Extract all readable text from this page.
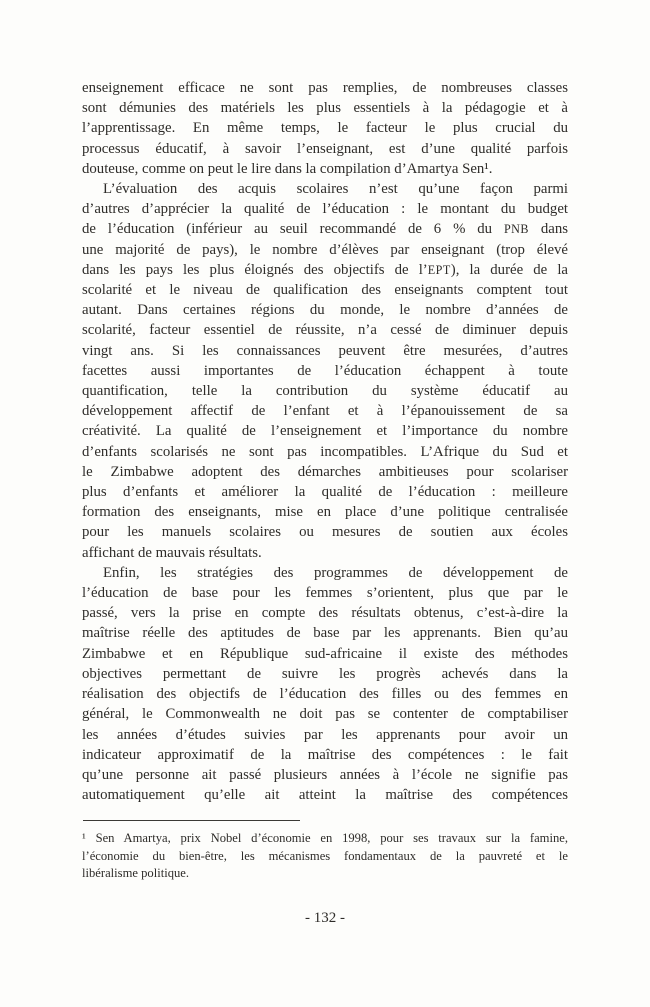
enseignement efficace ne sont pas remplies, de nombreuses classes
sont démunies des matériels les plus essentiels à la pédagogie et à
l’apprentissage. En même temps, le facteur le plus crucial du
processus éducatif, à savoir l’enseignant, est d’une qualité parfois
douteuse, comme on peut le lire dans la compilation d’Amartya Sen¹.
L’évaluation des acquis scolaires n’est qu’une façon parmi
d’autres d’apprécier la qualité de l’éducation : le montant du budget
de l’éducation (inférieur au seuil recommandé de 6 % du PNB dans
une majorité de pays), le nombre d’élèves par enseignant (trop élevé
dans les pays les plus éloignés des objectifs de l’EPT), la durée de la
scolarité et le niveau de qualification des enseignants comptent tout
autant. Dans certaines régions du monde, le nombre d’années de
scolarité, facteur essentiel de réussite, n’a cessé de diminuer depuis
vingt ans. Si les connaissances peuvent être mesurées, d’autres
facettes aussi importantes de l’éducation échappent à toute
quantification, telle la contribution du système éducatif au
développement affectif de l’enfant et à l’épanouissement de sa
créativité. La qualité de l’enseignement et l’importance du nombre
d’enfants scolarisés ne sont pas incompatibles. L’Afrique du Sud et
le Zimbabwe adoptent des démarches ambitieuses pour scolariser
plus d’enfants et améliorer la qualité de l’éducation : meilleure
formation des enseignants, mise en place d’une politique centralisée
pour les manuels scolaires ou mesures de soutien aux écoles
affichant de mauvais résultats.
Enfin, les stratégies des programmes de développement de
l’éducation de base pour les femmes s’orientent, plus que par le
passé, vers la prise en compte des résultats obtenus, c’est-à-dire la
maîtrise réelle des aptitudes de base par les apprenants. Bien qu’au
Zimbabwe et en République sud-africaine il existe des méthodes
objectives permettant de suivre les progrès achevés dans la
réalisation des objectifs de l’éducation des filles ou des femmes en
général, le Commonwealth ne doit pas se contenter de comptabiliser
les années d’études suivies par les apprenants pour avoir un
indicateur approximatif de la maîtrise des compétences : le fait
qu’une personne ait passé plusieurs années à l’école ne signifie pas
automatiquement qu’elle ait atteint la maîtrise des compétences
¹ Sen Amartya, prix Nobel d’économie en 1998, pour ses travaux sur la famine,
l’économie du bien-être, les mécanismes fondamentaux de la pauvreté et le
libéralisme politique.
- 132 -
